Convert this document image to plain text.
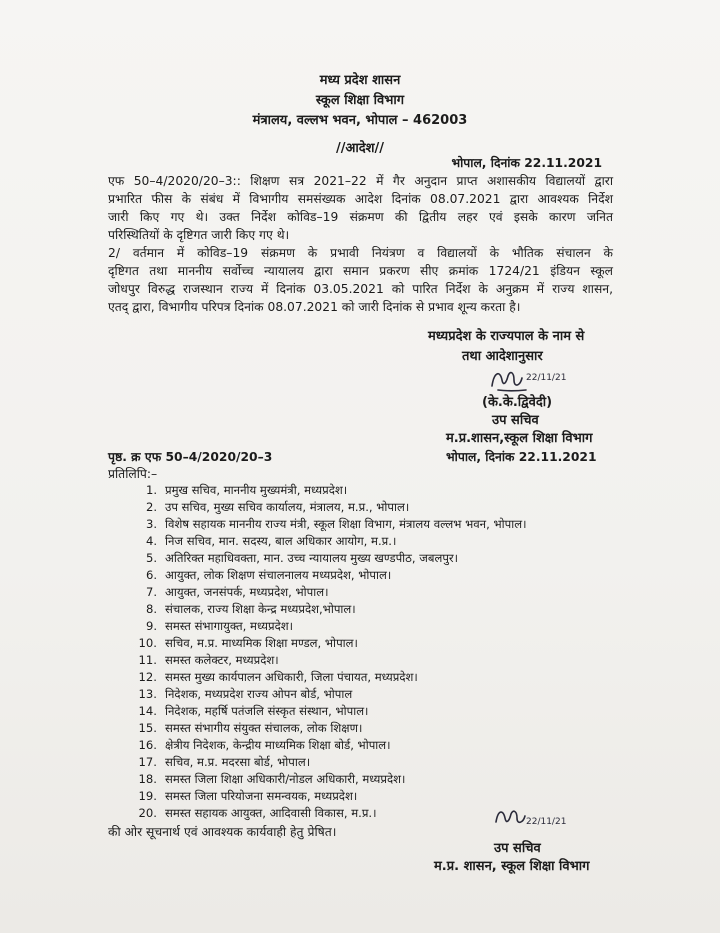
मध्य प्रदेश शासन
स्कूल शिक्षा विभाग
मंत्रालय, वल्लभ भवन, भोपाल – 462003
//आदेश//
भोपाल, दिनांक 22.11.2021
एफ 50–4/2020/20–3:: शिक्षण सत्र 2021–22 में गैर अनुदान प्राप्त अशासकीय विद्यालयों द्वारा
प्रभारित फीस के संबंध में विभागीय समसंख्यक आदेश दिनांक 08.07.2021 द्वारा आवश्यक निर्देश
जारी किए गए थे। उक्त निर्देश कोविड–19 संक्रमण की द्वितीय लहर एवं इसके कारण जनित
परिस्थितियों के दृष्टिगत जारी किए गए थे।
2/ वर्तमान में कोविड–19 संक्रमण के प्रभावी नियंत्रण व विद्यालयों के भौतिक संचालन के
दृष्टिगत तथा माननीय सर्वोच्च न्यायालय द्वारा समान प्रकरण सीए क्रमांक 1724/21 इंडियन स्कूल
जोधपुर विरुद्ध राजस्थान राज्य में दिनांक 03.05.2021 को पारित निर्देश के अनुक्रम में राज्य शासन,
एतद् द्वारा, विभागीय परिपत्र दिनांक 08.07.2021 को जारी दिनांक से प्रभाव शून्य करता है।
मध्यप्रदेश के राज्यपाल के नाम से
तथा आदेशानुसार
22/11/21
(के.के.द्विवेदी)
उप सचिव
म.प्र.शासन,स्कूल शिक्षा विभाग
भोपाल, दिनांक 22.11.2021
पृष्ठ. क्र एफ 50–4/2020/20–3
प्रतिलिपि:–
1. प्रमुख सचिव, माननीय मुख्यमंत्री, मध्यप्रदेश।
2. उप सचिव, मुख्य सचिव कार्यालय, मंत्रालय, म.प्र., भोपाल।
3. विशेष सहायक माननीय राज्य मंत्री, स्कूल शिक्षा विभाग, मंत्रालय वल्लभ भवन, भोपाल।
4. निज सचिव, मान. सदस्य, बाल अधिकार आयोग, म.प्र.।
5. अतिरिक्त महाधिवक्ता, मान. उच्च न्यायालय मुख्य खण्डपीठ, जबलपुर।
6. आयुक्त, लोक शिक्षण संचालनालय मध्यप्रदेश, भोपाल।
7. आयुक्त, जनसंपर्क, मध्यप्रदेश, भोपाल।
8. संचालक, राज्य शिक्षा केन्द्र मध्यप्रदेश,भोपाल।
9. समस्त संभागायुक्त, मध्यप्रदेश।
10. सचिव, म.प्र. माध्यमिक शिक्षा मण्डल, भोपाल।
11. समस्त कलेक्टर, मध्यप्रदेश।
12. समस्त मुख्य कार्यपालन अधिकारी, जिला पंचायत, मध्यप्रदेश।
13. निदेशक, मध्यप्रदेश राज्य ओपन बोर्ड, भोपाल
14. निदेशक, महर्षि पतंजलि संस्कृत संस्थान, भोपाल।
15. समस्त संभागीय संयुक्त संचालक, लोक शिक्षण।
16. क्षेत्रीय निदेशक, केन्द्रीय माध्यमिक शिक्षा बोर्ड, भोपाल।
17. सचिव, म.प्र. मदरसा बोर्ड, भोपाल।
18. समस्त जिला शिक्षा अधिकारी/नोडल अधिकारी, मध्यप्रदेश।
19. समस्त जिला परियोजना समन्वयक, मध्यप्रदेश।
20. समस्त सहायक आयुक्त, आदिवासी विकास, म.प्र.।
की ओर सूचनार्थ एवं आवश्यक कार्यवाही हेतु प्रेषित।
22/11/21
उप सचिव
म.प्र. शासन, स्कूल शिक्षा विभाग
